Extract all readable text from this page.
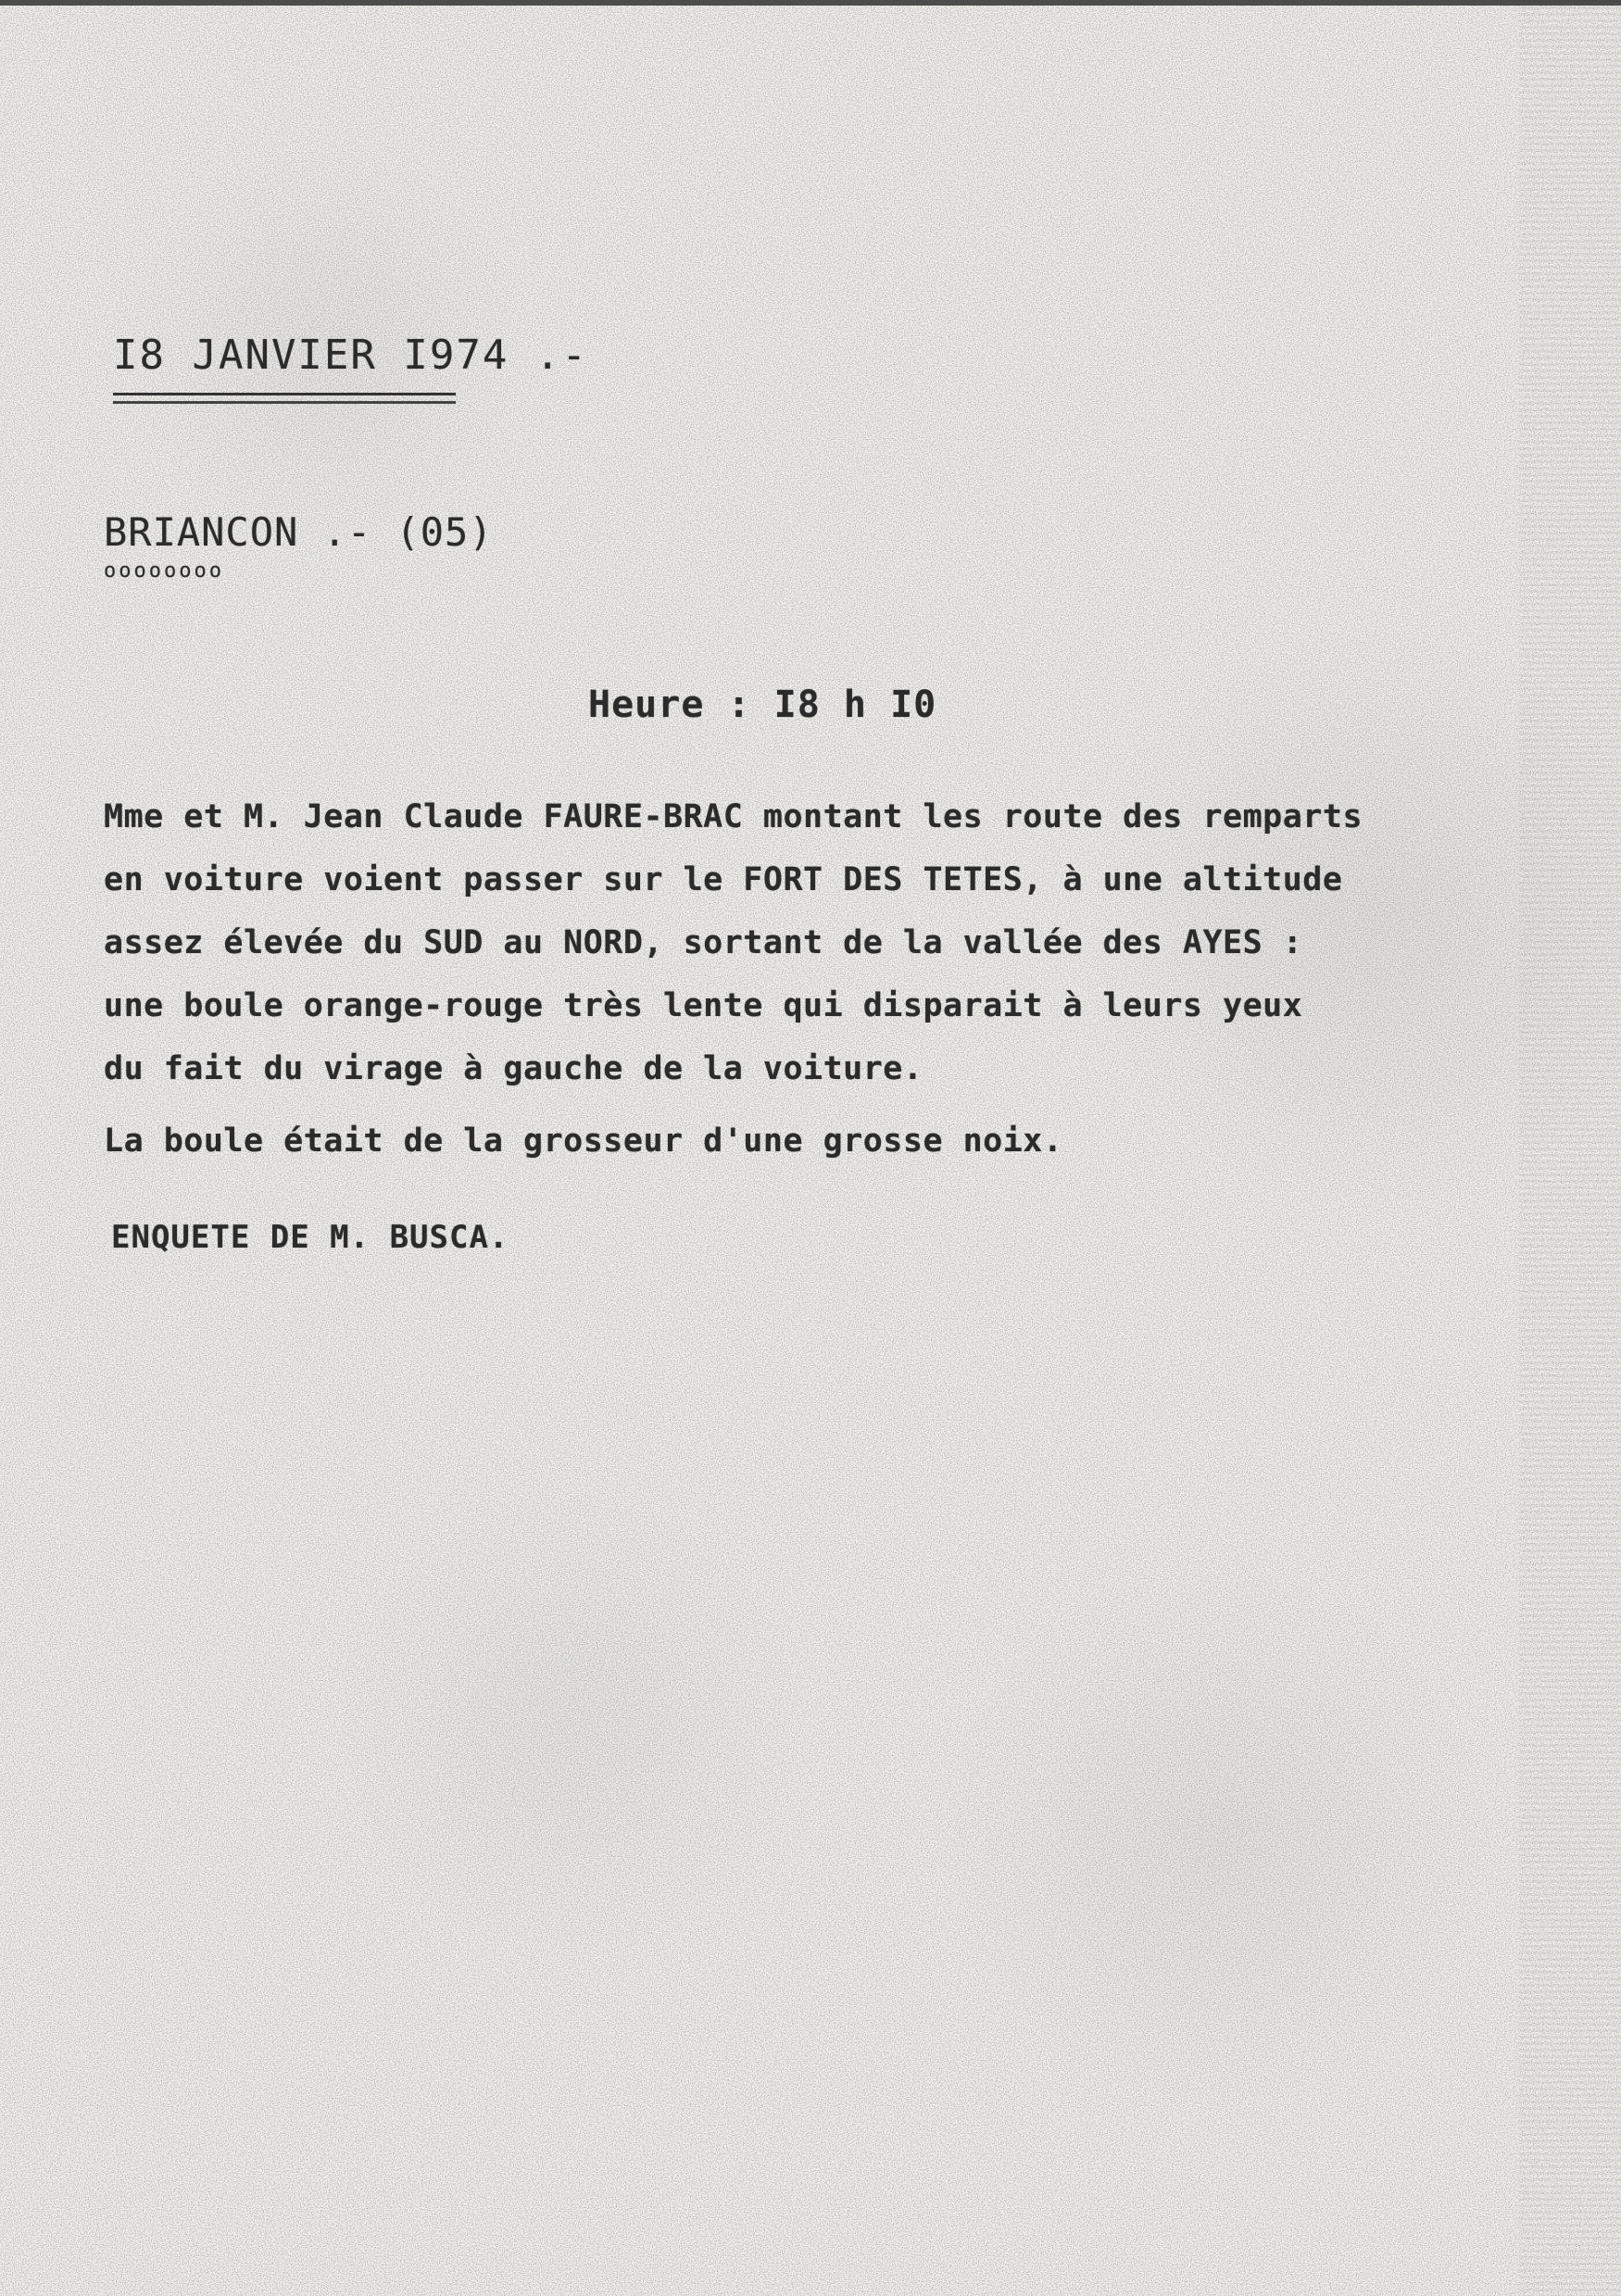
I8 JANVIER I974 .-
BRIANCON .- (05)
oooooooo
Heure : I8 h I0
Mme et M. Jean Claude FAURE-BRAC montant les route des remparts
en voiture voient passer sur le FORT DES TETES, à une altitude
assez élevée du SUD au NORD, sortant de la vallée des AYES :
une boule orange-rouge très lente qui disparait à leurs yeux
du fait du virage à gauche de la voiture.
La boule était de la grosseur d'une grosse noix.
ENQUETE DE M. BUSCA.
